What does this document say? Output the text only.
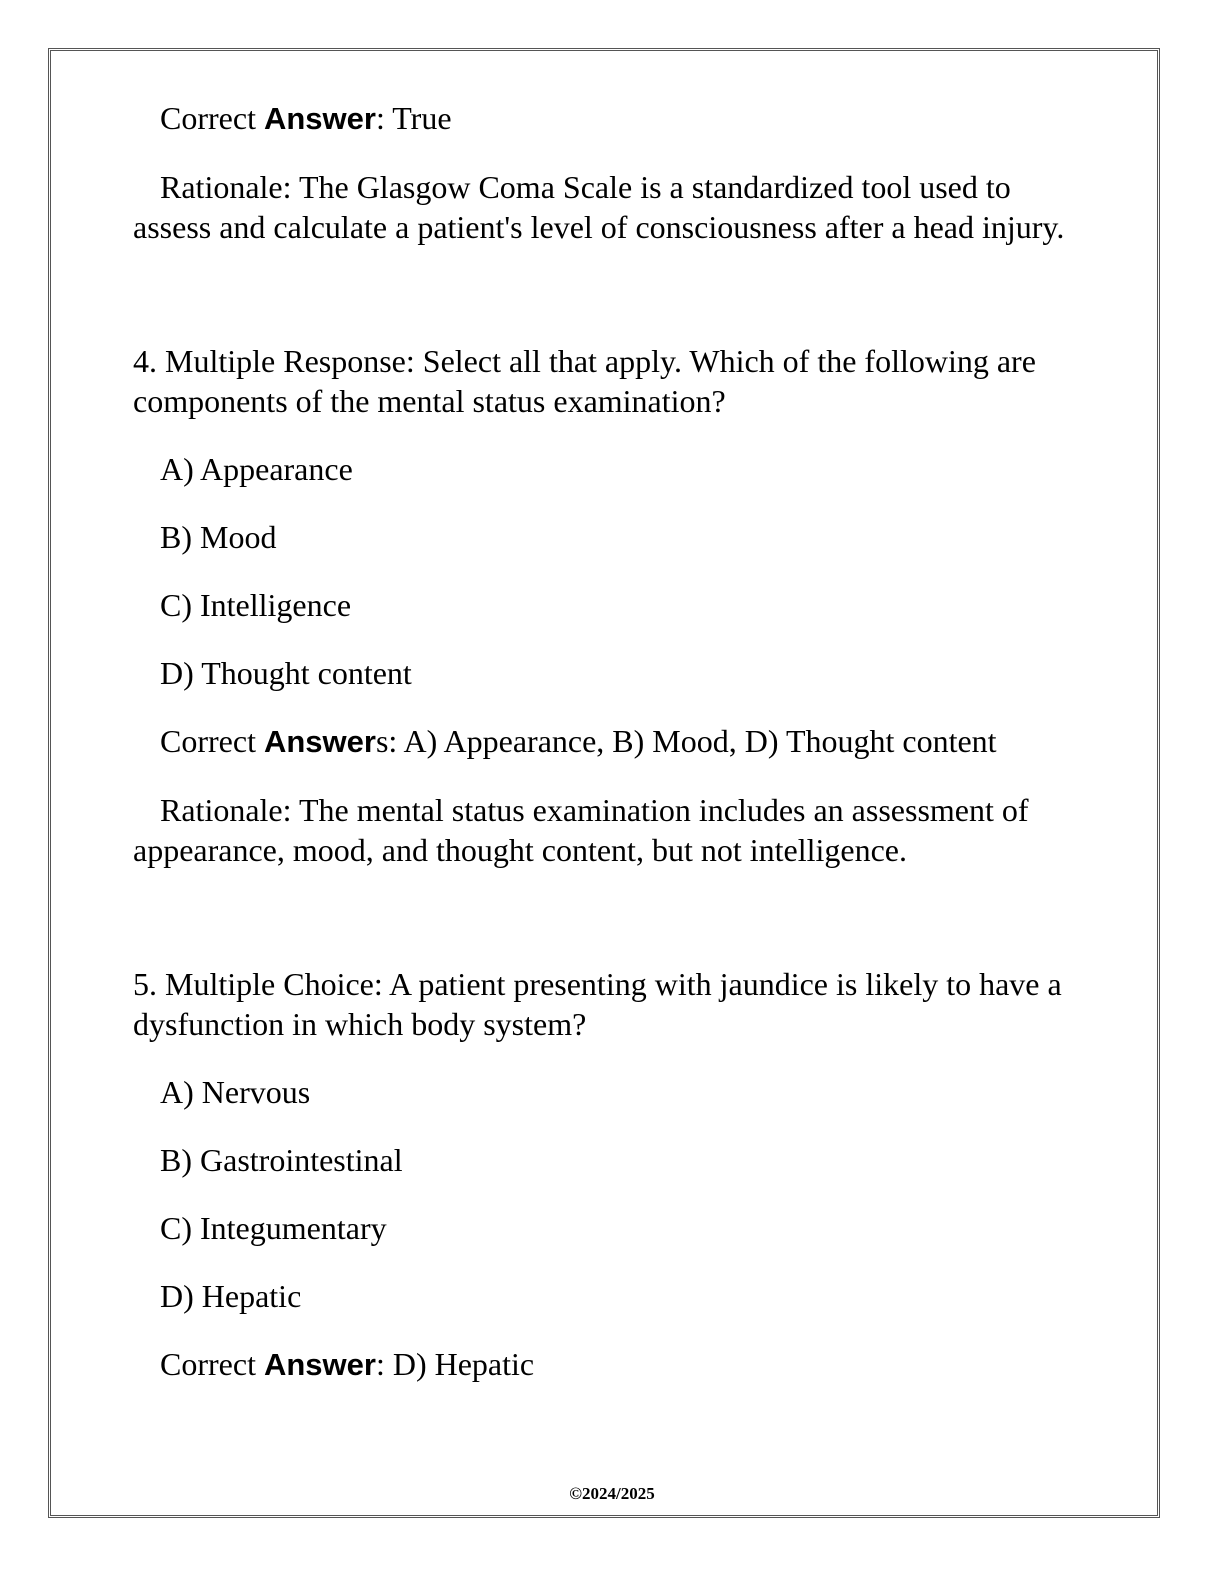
Correct Answer: True

Rationale: The Glasgow Coma Scale is a standardized tool used to assess and calculate a patient's level of consciousness after a head injury.

4. Multiple Response: Select all that apply. Which of the following are components of the mental status examination?

A) Appearance

B) Mood

C) Intelligence

D) Thought content

Correct Answers: A) Appearance, B) Mood, D) Thought content

Rationale: The mental status examination includes an assessment of appearance, mood, and thought content, but not intelligence.

5. Multiple Choice: A patient presenting with jaundice is likely to have a dysfunction in which body system?

A) Nervous

B) Gastrointestinal

C) Integumentary

D) Hepatic

Correct Answer: D) Hepatic

©2024/2025
